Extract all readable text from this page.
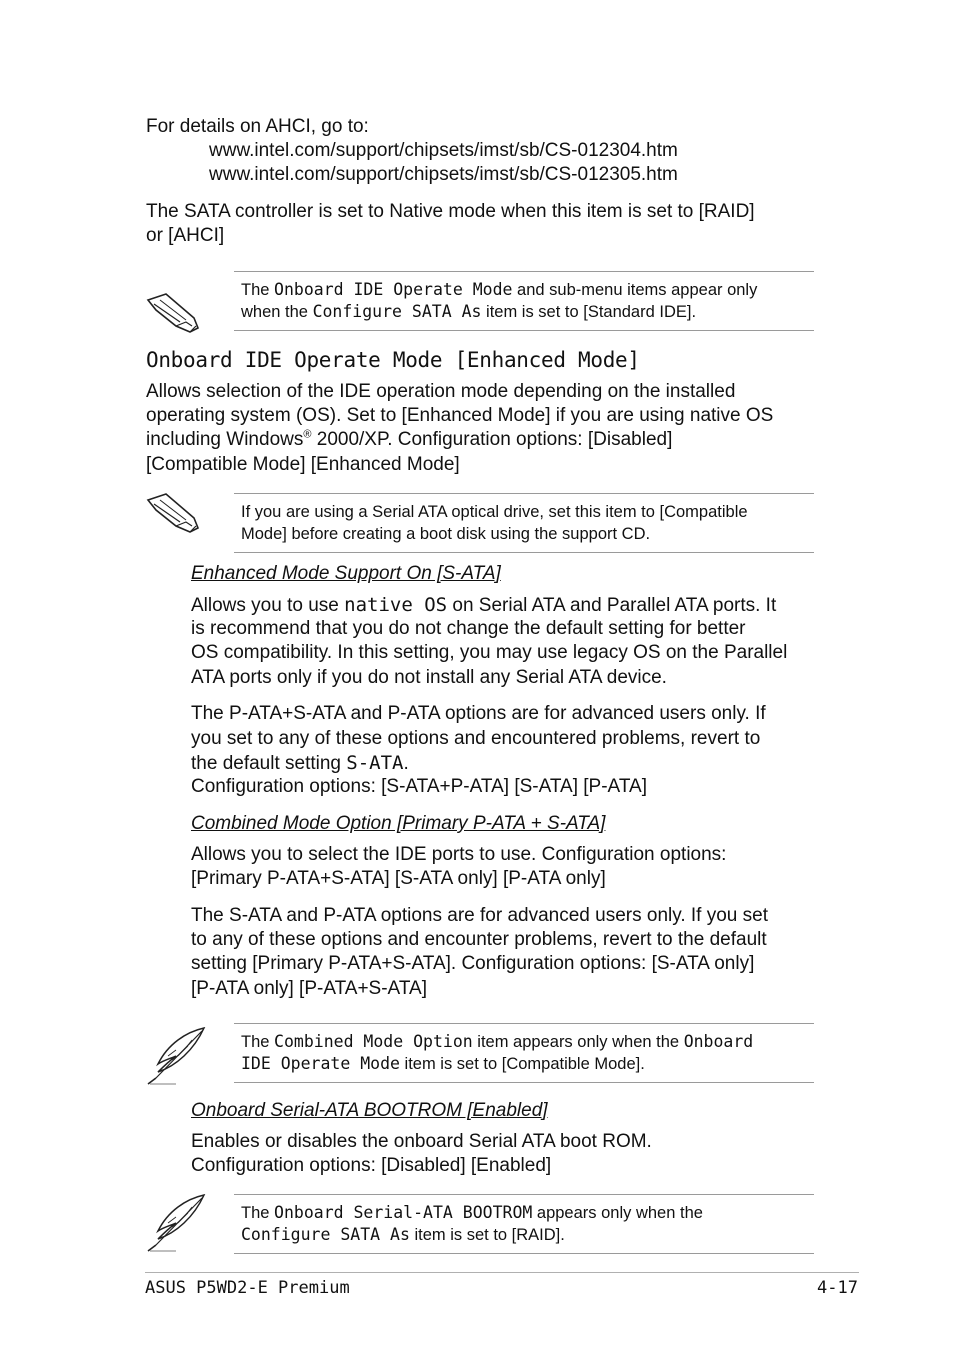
For details on AHCI, go to:
www.intel.com/support/chipsets/imst/sb/CS-012304.htm
www.intel.com/support/chipsets/imst/sb/CS-012305.htm
The SATA controller is set to Native mode when this item is set to [RAID]
or [AHCI]
The Onboard IDE Operate Mode and sub-menu items appear only
when the Configure SATA As item is set to [Standard IDE].
Onboard IDE Operate Mode [Enhanced Mode]
Allows selection of the IDE operation mode depending on the installed
operating system (OS). Set to [Enhanced Mode] if you are using native OS
including Windows® 2000/XP. Configuration options: [Disabled]
[Compatible Mode] [Enhanced Mode]
If you are using a Serial ATA optical drive, set this item to [Compatible
Mode] before creating a boot disk using the support CD.
Enhanced Mode Support On [S-ATA]
Allows you to use native OS on Serial ATA and Parallel ATA ports. It
is recommend that you do not change the default setting for better
OS compatibility. In this setting, you may use legacy OS on the Parallel
ATA ports only if you do not install any Serial ATA device.
The P-ATA+S-ATA and P-ATA options are for advanced users only. If
you set to any of these options and encountered problems, revert to
the default setting S-ATA.
Configuration options: [S-ATA+P-ATA] [S-ATA] [P-ATA]
Combined Mode Option [Primary P-ATA + S-ATA]
Allows you to select the IDE ports to use. Configuration options:
[Primary P-ATA+S-ATA] [S-ATA only] [P-ATA only]
The S-ATA and P-ATA options are for advanced users only. If you set
to any of these options and encounter problems, revert to the default
setting [Primary P-ATA+S-ATA]. Configuration options: [S-ATA only]
[P-ATA only] [P-ATA+S-ATA]
The Combined Mode Option item appears only when the Onboard
IDE Operate Mode item is set to [Compatible Mode].
Onboard Serial-ATA BOOTROM [Enabled]
Enables or disables the onboard Serial ATA boot ROM.
Configuration options: [Disabled] [Enabled]
The Onboard Serial-ATA BOOTROM appears only when the
Configure SATA As item is set to [RAID].
ASUS P5WD2-E Premium	4-17
